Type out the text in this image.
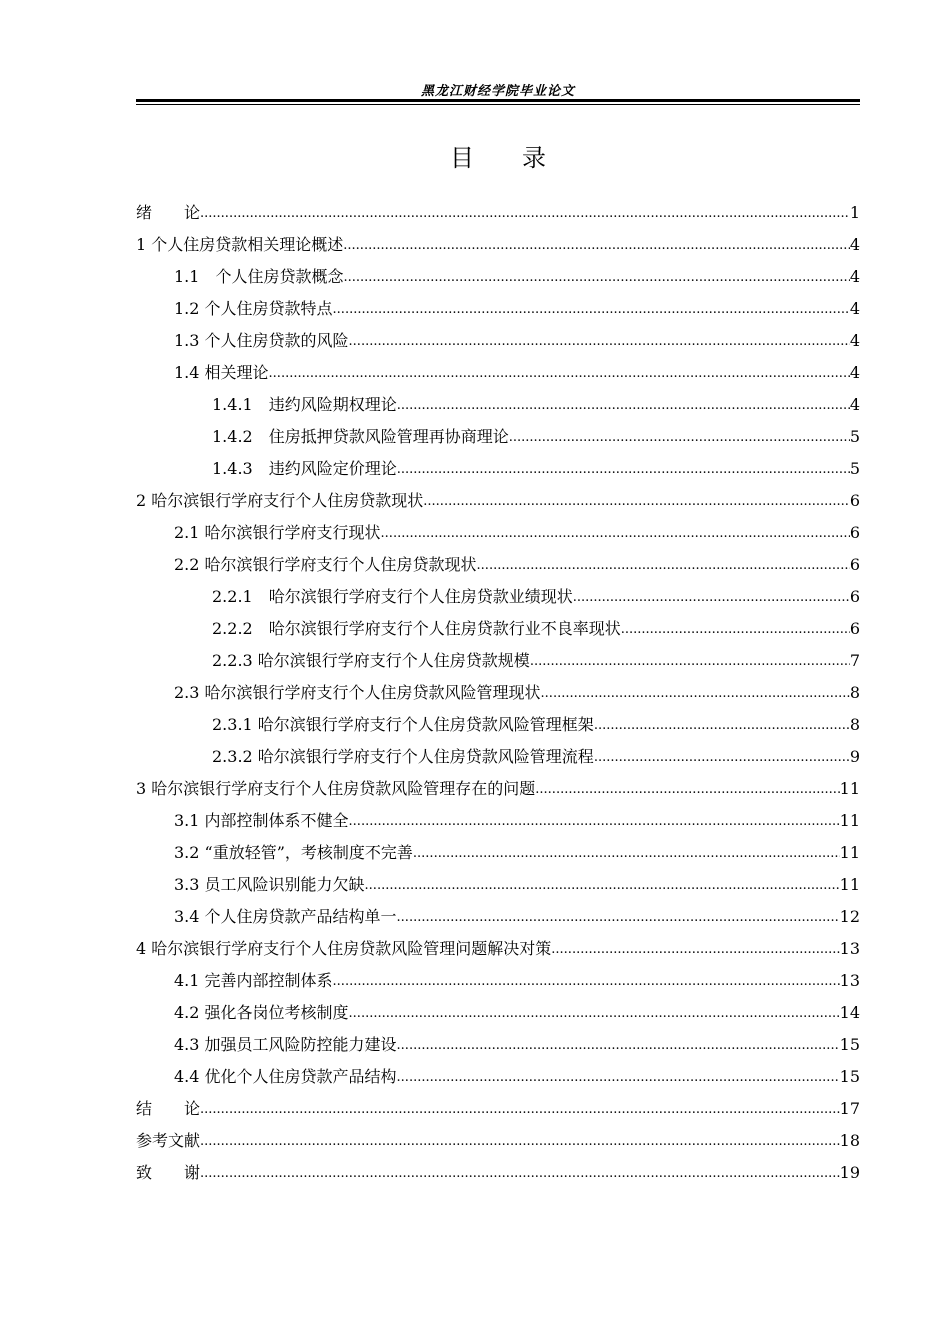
黑龙江财经学院毕业论文
目 录
绪　　论 .....	1
1 个人住房贷款相关理论概述 .....	4
1.1　个人住房贷款概念 .....	4
1.2 个人住房贷款特点 .....	4
1.3 个人住房贷款的风险 .....	4
1.4 相关理论 .....	4
1.4.1　违约风险期权理论 .....	4
1.4.2　住房抵押贷款风险管理再协商理论 .....	5
1.4.3　违约风险定价理论 .....	5
2 哈尔滨银行学府支行个人住房贷款现状 .....	6
2.1 哈尔滨银行学府支行现状 .....	6
2.2 哈尔滨银行学府支行个人住房贷款现状 .....	6
2.2.1　哈尔滨银行学府支行个人住房贷款业绩现状 .....	6
2.2.2　哈尔滨银行学府支行个人住房贷款行业不良率现状 .....	6
2.2.3 哈尔滨银行学府支行个人住房贷款规模 .....	7
2.3 哈尔滨银行学府支行个人住房贷款风险管理现状 .....	8
2.3.1 哈尔滨银行学府支行个人住房贷款风险管理框架 .....	8
2.3.2 哈尔滨银行学府支行个人住房贷款风险管理流程 .....	9
3 哈尔滨银行学府支行个人住房贷款风险管理存在的问题 .....	11
3.1 内部控制体系不健全 .....	11
3.2 “重放轻管”，考核制度不完善 .....	11
3.3 员工风险识别能力欠缺 .....	11
3.4 个人住房贷款产品结构单一 .....	12
4 哈尔滨银行学府支行个人住房贷款风险管理问题解决对策 .....	13
4.1 完善内部控制体系 .....	13
4.2 强化各岗位考核制度 .....	14
4.3 加强员工风险防控能力建设 .....	15
4.4 优化个人住房贷款产品结构 .....	15
结　　论 .....	17
参考文献 .....	18
致　　谢 .....	19
